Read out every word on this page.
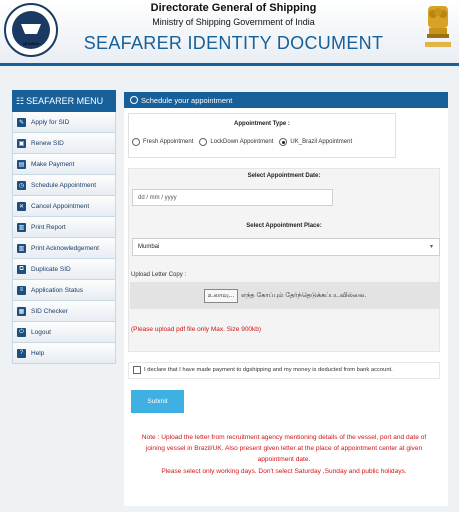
MUMBAI
Directorate General of Shipping
Ministry of Shipping Government of India
SEAFARER IDENTITY DOCUMENT
☷ SEAFARER MENU
✎	Apply for SID
▣ Renew SID
▤ Make Payment
◷ Schedule Appointment
✕	Cancel Appointment
▥ Print Report
▥ Print Acknowledgement
⧉	Duplicate SID
≡	Application Status
▦ SID Checker
⏻	Logout
?	Help
Schedule your appointment
Appointment Type :
Fresh Appointment	LockDown Appointment	UK_Brazil Appointment
Select Appointment Date:
dd / mm / yyyy
Select Appointment Place:
Mumbai	▾
Upload Letter Copy :
உலாவு...	எந்த கோப்பும் தேர்ந்தெடுக்கப்படவில்லை.
(Please upload pdf file only Max. Size 900kb)
I declare that I have made payment to dgshipping and my money is deducted from bank account.
Submit
Note : Upload the letter from recruitment agency mentioning details of the vessel, port and date of
joining vessel in Brazil/UK. Also present given letter at the place of appointment center at given
appointment date.
Please select only working days. Don't select Saturday ,Sunday and public holidays.
